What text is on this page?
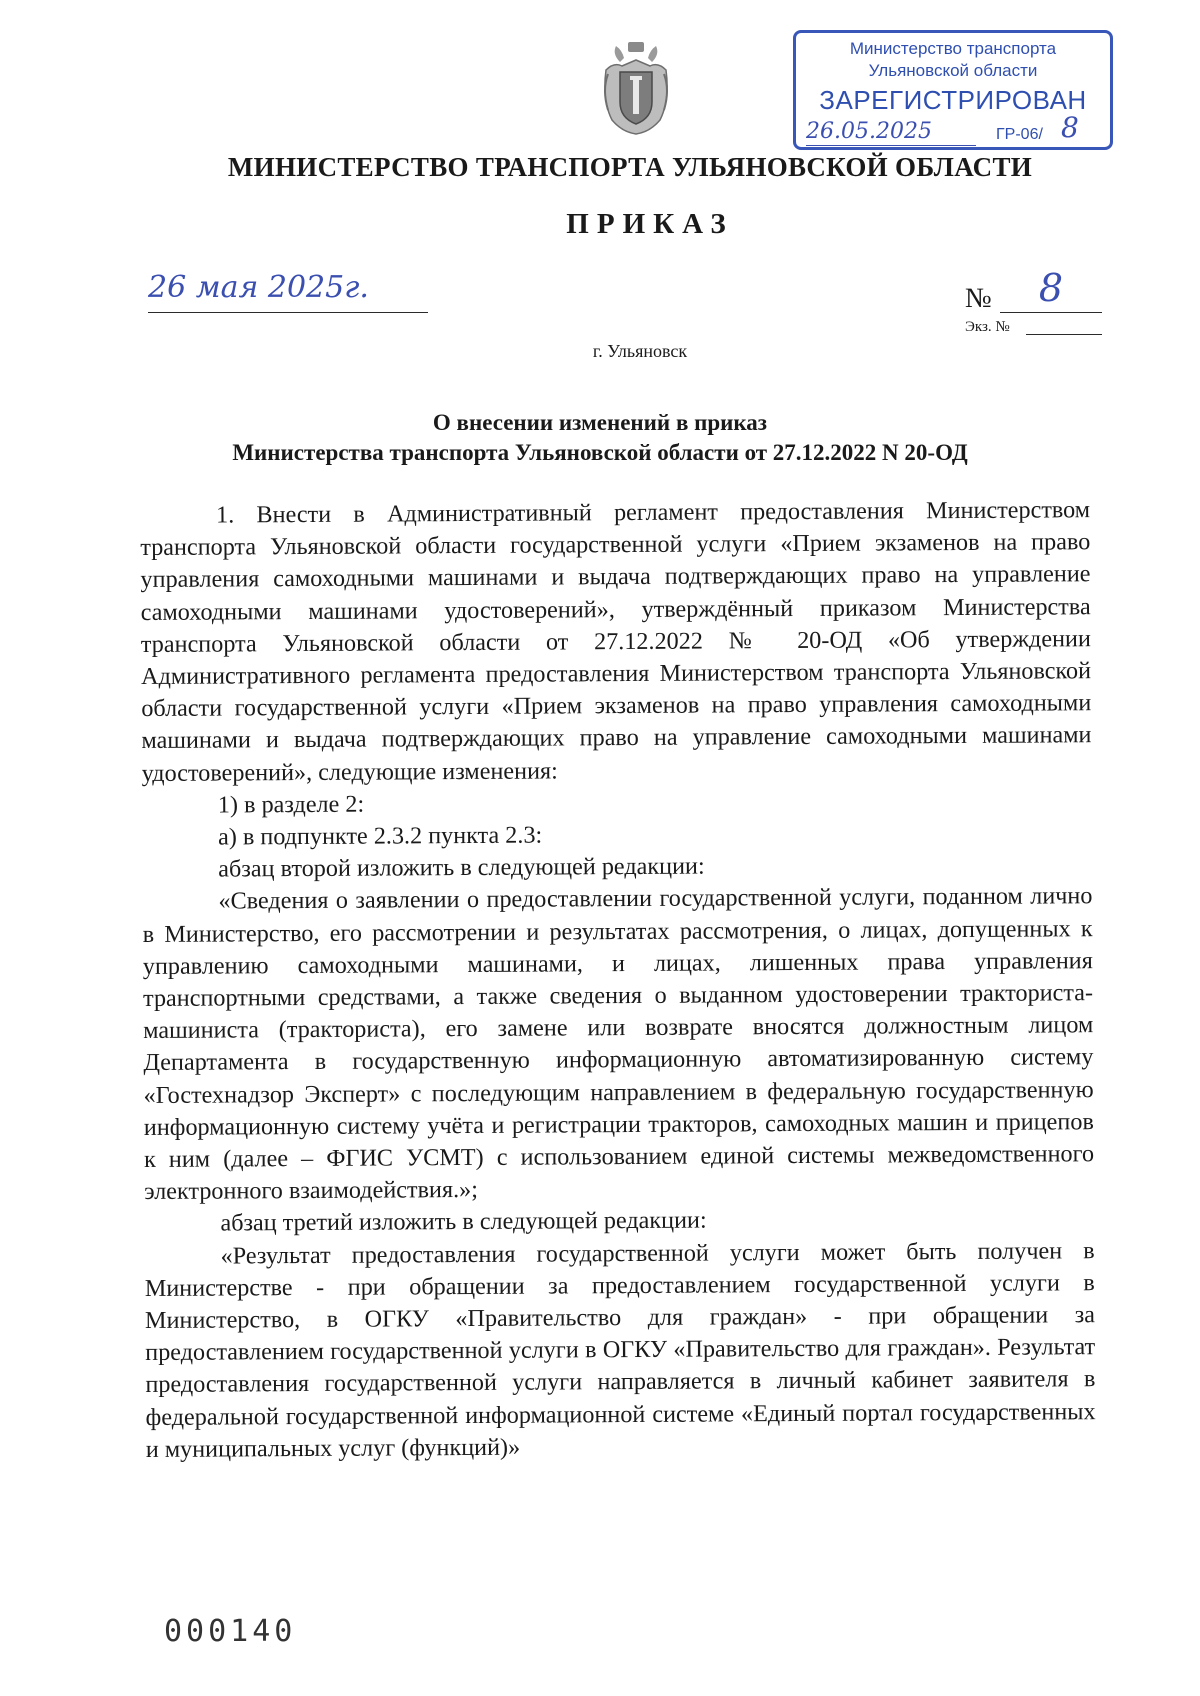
Министерство транспорта
Ульяновской области
ЗАРЕГИСТРИРОВАН
26.05.2025	ГР-06/ 8
МИНИСТЕРСТВО ТРАНСПОРТА УЛЬЯНОВСКОЙ ОБЛАСТИ
ПРИКАЗ
26 мая 2025г.	№	8
Экз. №
г. Ульяновск
О внесении изменений в приказ
Министерства транспорта Ульяновской области от 27.12.2022 N 20-ОД

1. Внести в Административный регламент предоставления Министерством транспорта Ульяновской области государственной услуги «Прием экзаменов на право управления самоходными машинами и выдача подтверждающих право на управление самоходными машинами удостоверений», утверждённый приказом Министерства транспорта Ульяновской области от 27.12.2022 № 20-ОД «Об утверждении Административного регламента предоставления Министерством транспорта Ульяновской области государственной услуги «Прием экзаменов на право управления самоходными машинами и выдача подтверждающих право на управление самоходными машинами удостоверений», следующие изменения:

1) в разделе 2:

а) в подпункте 2.3.2 пункта 2.3:

абзац второй изложить в следующей редакции:

«Сведения о заявлении о предоставлении государственной услуги, поданном лично в Министерство, его рассмотрении и результатах рассмотрения, о лицах, допущенных к управлению самоходными машинами, и лицах, лишенных права управления транспортными средствами, а также сведения о выданном удостоверении тракториста-машиниста (тракториста), его замене или возврате вносятся должностным лицом Департамента в государственную информационную автоматизированную систему «Гостехнадзор Эксперт» с последующим направлением в федеральную государственную информационную систему учёта и регистрации тракторов, самоходных машин и прицепов к ним (далее – ФГИС УСМТ) с использованием единой системы межведомственного электронного взаимодействия.»;

абзац третий изложить в следующей редакции:

«Результат предоставления государственной услуги может быть получен в Министерстве - при обращении за предоставлением государственной услуги в Министерство, в ОГКУ «Правительство для граждан» - при обращении за предоставлением государственной услуги в ОГКУ «Правительство для граждан». Результат предоставления государственной услуги направляется в личный кабинет заявителя в федеральной государственной информационной системе «Единый портал государственных и муниципальных услуг (функций)»

000140
